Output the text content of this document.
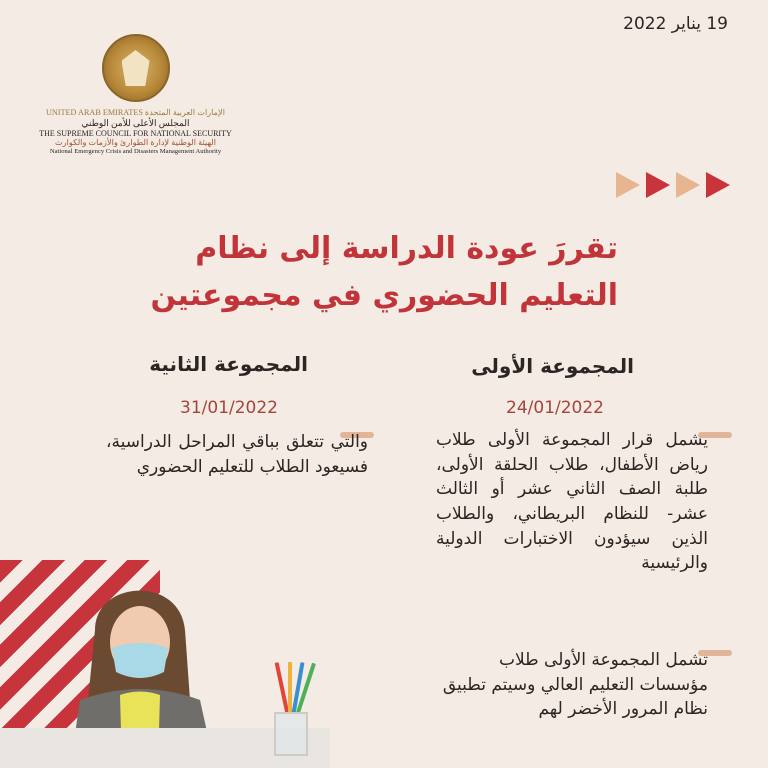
19 يناير 2022
UNITED ARAB EMIRATES الإمارات العربية المتحدة
المجلس الأعلى للأمن الوطني
THE SUPREME COUNCIL FOR NATIONAL SECURITY
الهيئة الوطنية لإدارة الطوارئ والأزمات والكوارث
National Emergency Crisis and Disasters Management Authority
تقررَ عودة الدراسة إلى نظام
التعليم الحضوري في مجموعتين
المجموعة الأولى
المجموعة الثانية
24/01/2022
31/01/2022
يشمل قرار المجموعة الأولى طلاب رياض الأطفال، طلاب الحلقة الأولى، طلبة الصف الثاني عشر أو الثالث عشر- للنظام البريطاني، والطلاب الذين سيؤدون الاختبارات الدولية والرئيسية
والتي تتعلق بباقي المراحل الدراسية، فسيعود الطلاب للتعليم الحضوري
تشمل المجموعة الأولى طلاب مؤسسات التعليم العالي وسيتم تطبيق نظام المرور الأخضر لهم
